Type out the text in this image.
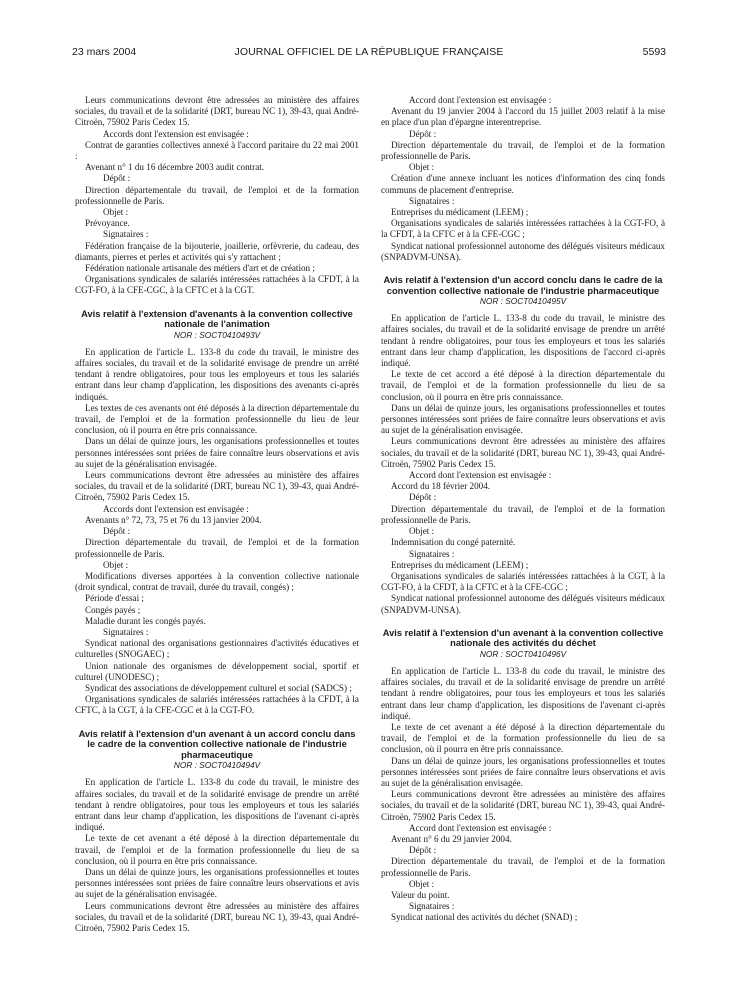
23 mars 2004	JOURNAL OFFICIEL DE LA RÉPUBLIQUE FRANÇAISE	5593

Leurs communications devront être adressées au ministère des affaires sociales, du travail et de la solidarité (DRT, bureau NC 1), 39-43, quai André-Citroën, 75902 Paris Cedex 15.

Accords dont l'extension est envisagée :

Contrat de garanties collectives annexé à l'accord paritaire du 22 mai 2001 :

Avenant n° 1 du 16 décembre 2003 audit contrat.

Dépôt :

Direction départementale du travail, de l'emploi et de la formation professionnelle de Paris.

Objet :

Prévoyance.

Signataires :

Fédération française de la bijouterie, joaillerie, orfèvrerie, du cadeau, des diamants, pierres et perles et activités qui s'y rattachent ;

Fédération nationale artisanale des métiers d'art et de création ;

Organisations syndicales de salariés intéressées rattachées à la CFDT, à la CGT-FO, à la CFE-CGC, à la CFTC et à la CGT.

Avis relatif à l'extension d'avenants à la convention collective nationale de l'animation

NOR : SOCT0410493V

En application de l'article L. 133-8 du code du travail, le ministre des affaires sociales, du travail et de la solidarité envisage de prendre un arrêté tendant à rendre obligatoires, pour tous les employeurs et tous les salariés entrant dans leur champ d'application, les dispositions des avenants ci-après indiqués.

Les textes de ces avenants ont été déposés à la direction départementale du travail, de l'emploi et de la formation professionnelle du lieu de leur conclusion, où il pourra en être pris connaissance.

Dans un délai de quinze jours, les organisations professionnelles et toutes personnes intéressées sont priées de faire connaître leurs observations et avis au sujet de la généralisation envisagée.

Leurs communications devront être adressées au ministère des affaires sociales, du travail et de la solidarité (DRT, bureau NC 1), 39-43, quai André-Citroën, 75902 Paris Cedex 15.

Accords dont l'extension est envisagée :

Avenants n° 72, 73, 75 et 76 du 13 janvier 2004.

Dépôt :

Direction départementale du travail, de l'emploi et de la formation professionnelle de Paris.

Objet :

Modifications diverses apportées à la convention collective nationale (droit syndical, contrat de travail, durée du travail, congés) ;

Période d'essai ;

Congés payés ;

Maladie durant les congés payés.

Signataires :

Syndicat national des organisations gestionnaires d'activités éducatives et culturelles (SNOGAEC) ;

Union nationale des organismes de développement social, sportif et culturel (UNODESC) ;

Syndicat des associations de développement culturel et social (SADCS) ;

Organisations syndicales de salariés intéressées rattachées à la CFDT, à la CFTC, à la CGT, à la CFE-CGC et à la CGT-FO.

Avis relatif à l'extension d'un avenant à un accord conclu dans le cadre de la convention collective nationale de l'industrie pharmaceutique

NOR : SOCT0410494V

En application de l'article L. 133-8 du code du travail, le ministre des affaires sociales, du travail et de la solidarité envisage de prendre un arrêté tendant à rendre obligatoires, pour tous les employeurs et tous les salariés entrant dans leur champ d'application, les dispositions de l'avenant ci-après indiqué.

Le texte de cet avenant a été déposé à la direction départementale du travail, de l'emploi et de la formation professionnelle du lieu de sa conclusion, où il pourra en être pris connaissance.

Dans un délai de quinze jours, les organisations professionnelles et toutes personnes intéressées sont priées de faire connaître leurs observations et avis au sujet de la généralisation envisagée.

Leurs communications devront être adressées au ministère des affaires sociales, du travail et de la solidarité (DRT, bureau NC 1), 39-43, quai André-Citroën, 75902 Paris Cedex 15.

Accord dont l'extension est envisagée :

Avenant du 19 janvier 2004 à l'accord du 15 juillet 2003 relatif à la mise en place d'un plan d'épargne interentreprise.

Dépôt :

Direction départementale du travail, de l'emploi et de la formation professionnelle de Paris.

Objet :

Création d'une annexe incluant les notices d'information des cinq fonds communs de placement d'entreprise.

Signataires :

Entreprises du médicament (LEEM) ;

Organisations syndicales de salariés intéressées rattachées à la CGT-FO, à la CFDT, à la CFTC et à la CFE-CGC ;

Syndicat national professionnel autonome des délégués visiteurs médicaux (SNPADVM-UNSA).

Avis relatif à l'extension d'un accord conclu dans le cadre de la convention collective nationale de l'industrie pharmaceutique

NOR : SOCT0410495V

En application de l'article L. 133-8 du code du travail, le ministre des affaires sociales, du travail et de la solidarité envisage de prendre un arrêté tendant à rendre obligatoires, pour tous les employeurs et tous les salariés entrant dans leur champ d'application, les dispositions de l'accord ci-après indiqué.

Le texte de cet accord a été déposé à la direction départementale du travail, de l'emploi et de la formation professionnelle du lieu de sa conclusion, où il pourra en être pris connaissance.

Dans un délai de quinze jours, les organisations professionnelles et toutes personnes intéressées sont priées de faire connaître leurs observations et avis au sujet de la généralisation envisagée.

Leurs communications devront être adressées au ministère des affaires sociales, du travail et de la solidarité (DRT, bureau NC 1), 39-43, quai André-Citroën, 75902 Paris Cedex 15.

Accord dont l'extension est envisagée :

Accord du 18 février 2004.

Dépôt :

Direction départementale du travail, de l'emploi et de la formation professionnelle de Paris.

Objet :

Indemnisation du congé paternité.

Signataires :

Entreprises du médicament (LEEM) ;

Organisations syndicales de salariés intéressées rattachées à la CGT, à la CGT-FO, à la CFDT, à la CFTC et à la CFE-CGC ;

Syndicat national professionnel autonome des délégués visiteurs médicaux (SNPADVM-UNSA).

Avis relatif à l'extension d'un avenant à la convention collective nationale des activités du déchet

NOR : SOCT0410496V

En application de l'article L. 133-8 du code du travail, le ministre des affaires sociales, du travail et de la solidarité envisage de prendre un arrêté tendant à rendre obligatoires, pour tous les employeurs et tous les salariés entrant dans leur champ d'application, les dispositions de l'avenant ci-après indiqué.

Le texte de cet avenant a été déposé à la direction départementale du travail, de l'emploi et de la formation professionnelle du lieu de sa conclusion, où il pourra en être pris connaissance.

Dans un délai de quinze jours, les organisations professionnelles et toutes personnes intéressées sont priées de faire connaître leurs observations et avis au sujet de la généralisation envisagée.

Leurs communications devront être adressées au ministère des affaires sociales, du travail et de la solidarité (DRT, bureau NC 1), 39-43, quai André-Citroën, 75902 Paris Cedex 15.

Accord dont l'extension est envisagée :

Avenant n° 6 du 29 janvier 2004.

Dépôt :

Direction départementale du travail, de l'emploi et de la formation professionnelle de Paris.

Objet :

Valeur du point.

Signataires :

Syndicat national des activités du déchet (SNAD) ;
